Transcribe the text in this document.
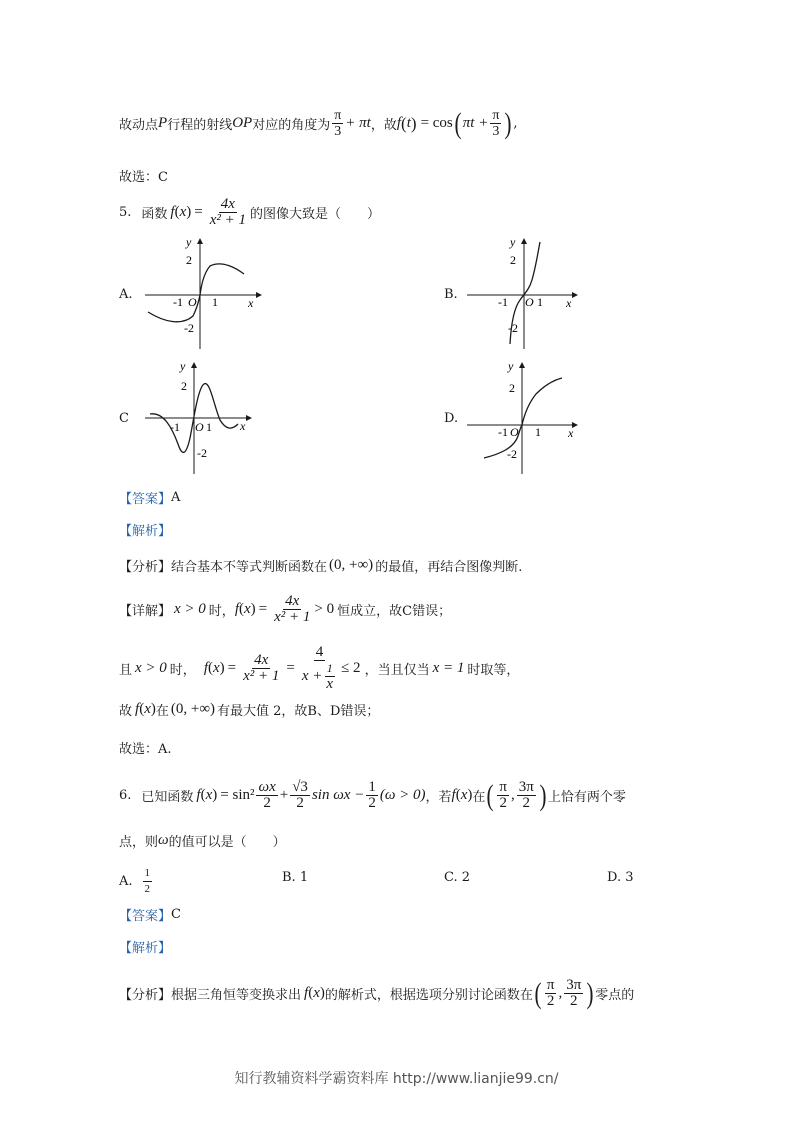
故动点 P 行程的射线 OP 对应的角度为 $\frac{\pi}{3} + \pi t$ ，故 f ( t ) = cos ( $\pi t + \frac{\pi}{3}$ ) ,
故选：C
5. 函数 f ( x ) = $\frac{4x}{\text{x² + 1}}$ 的图像大致是（　　）
A.	B.
C	D.
y
x
2
-2
-1 O 1
y
x
2
-2
-1 O 1
y
x
2
-2
-1 O 1
y
x
2
-2
-1 O 1
【答案】 A
【解析】
【分析】 结合基本不等式判断函数在 (0, +∞) 的最值，再结合图像判断.
【详解】 x > 0 时， f ( x ) = $\frac{4x}{\text{x² + 1}} > 0$ 恒成立，故C错误；
且 x > 0 时， f ( x ) = $\frac{4x}{\text{x² + 1}} = \frac{4}{x + \frac{1}{x}} \le 2$ ，当且仅当 x = 1 时取等，
故 f ( x ) 在 (0, +∞) 有最大值 2，故B、D错误；
故选：A.
6. 已知函数 f ( x ) = $\sin^2 \frac{\omega x}{2} + \frac{√3}{2}$ $\sin \omega x - \frac{1}{2} (\omega > 0)$ ，若 f ( x ) 在 ( $\frac{\pi}{2}$ , $\frac{3\pi}{2}$ ) 上恰有两个零
点，则 ω 的值可以是（　　）
A. $\frac{1}{2}$	B. 1	C. 2	D. 3
【答案】 C
【解析】
【分析】 根据三角恒等变换求出 f ( x ) 的解析式，根据选项分别讨论函数在 ( $\frac{\pi}{2}$ , $\frac{3\pi}{2}$ ) 零点的
知行教辅资料学霸资料库 http://www.lianjie99.cn/
